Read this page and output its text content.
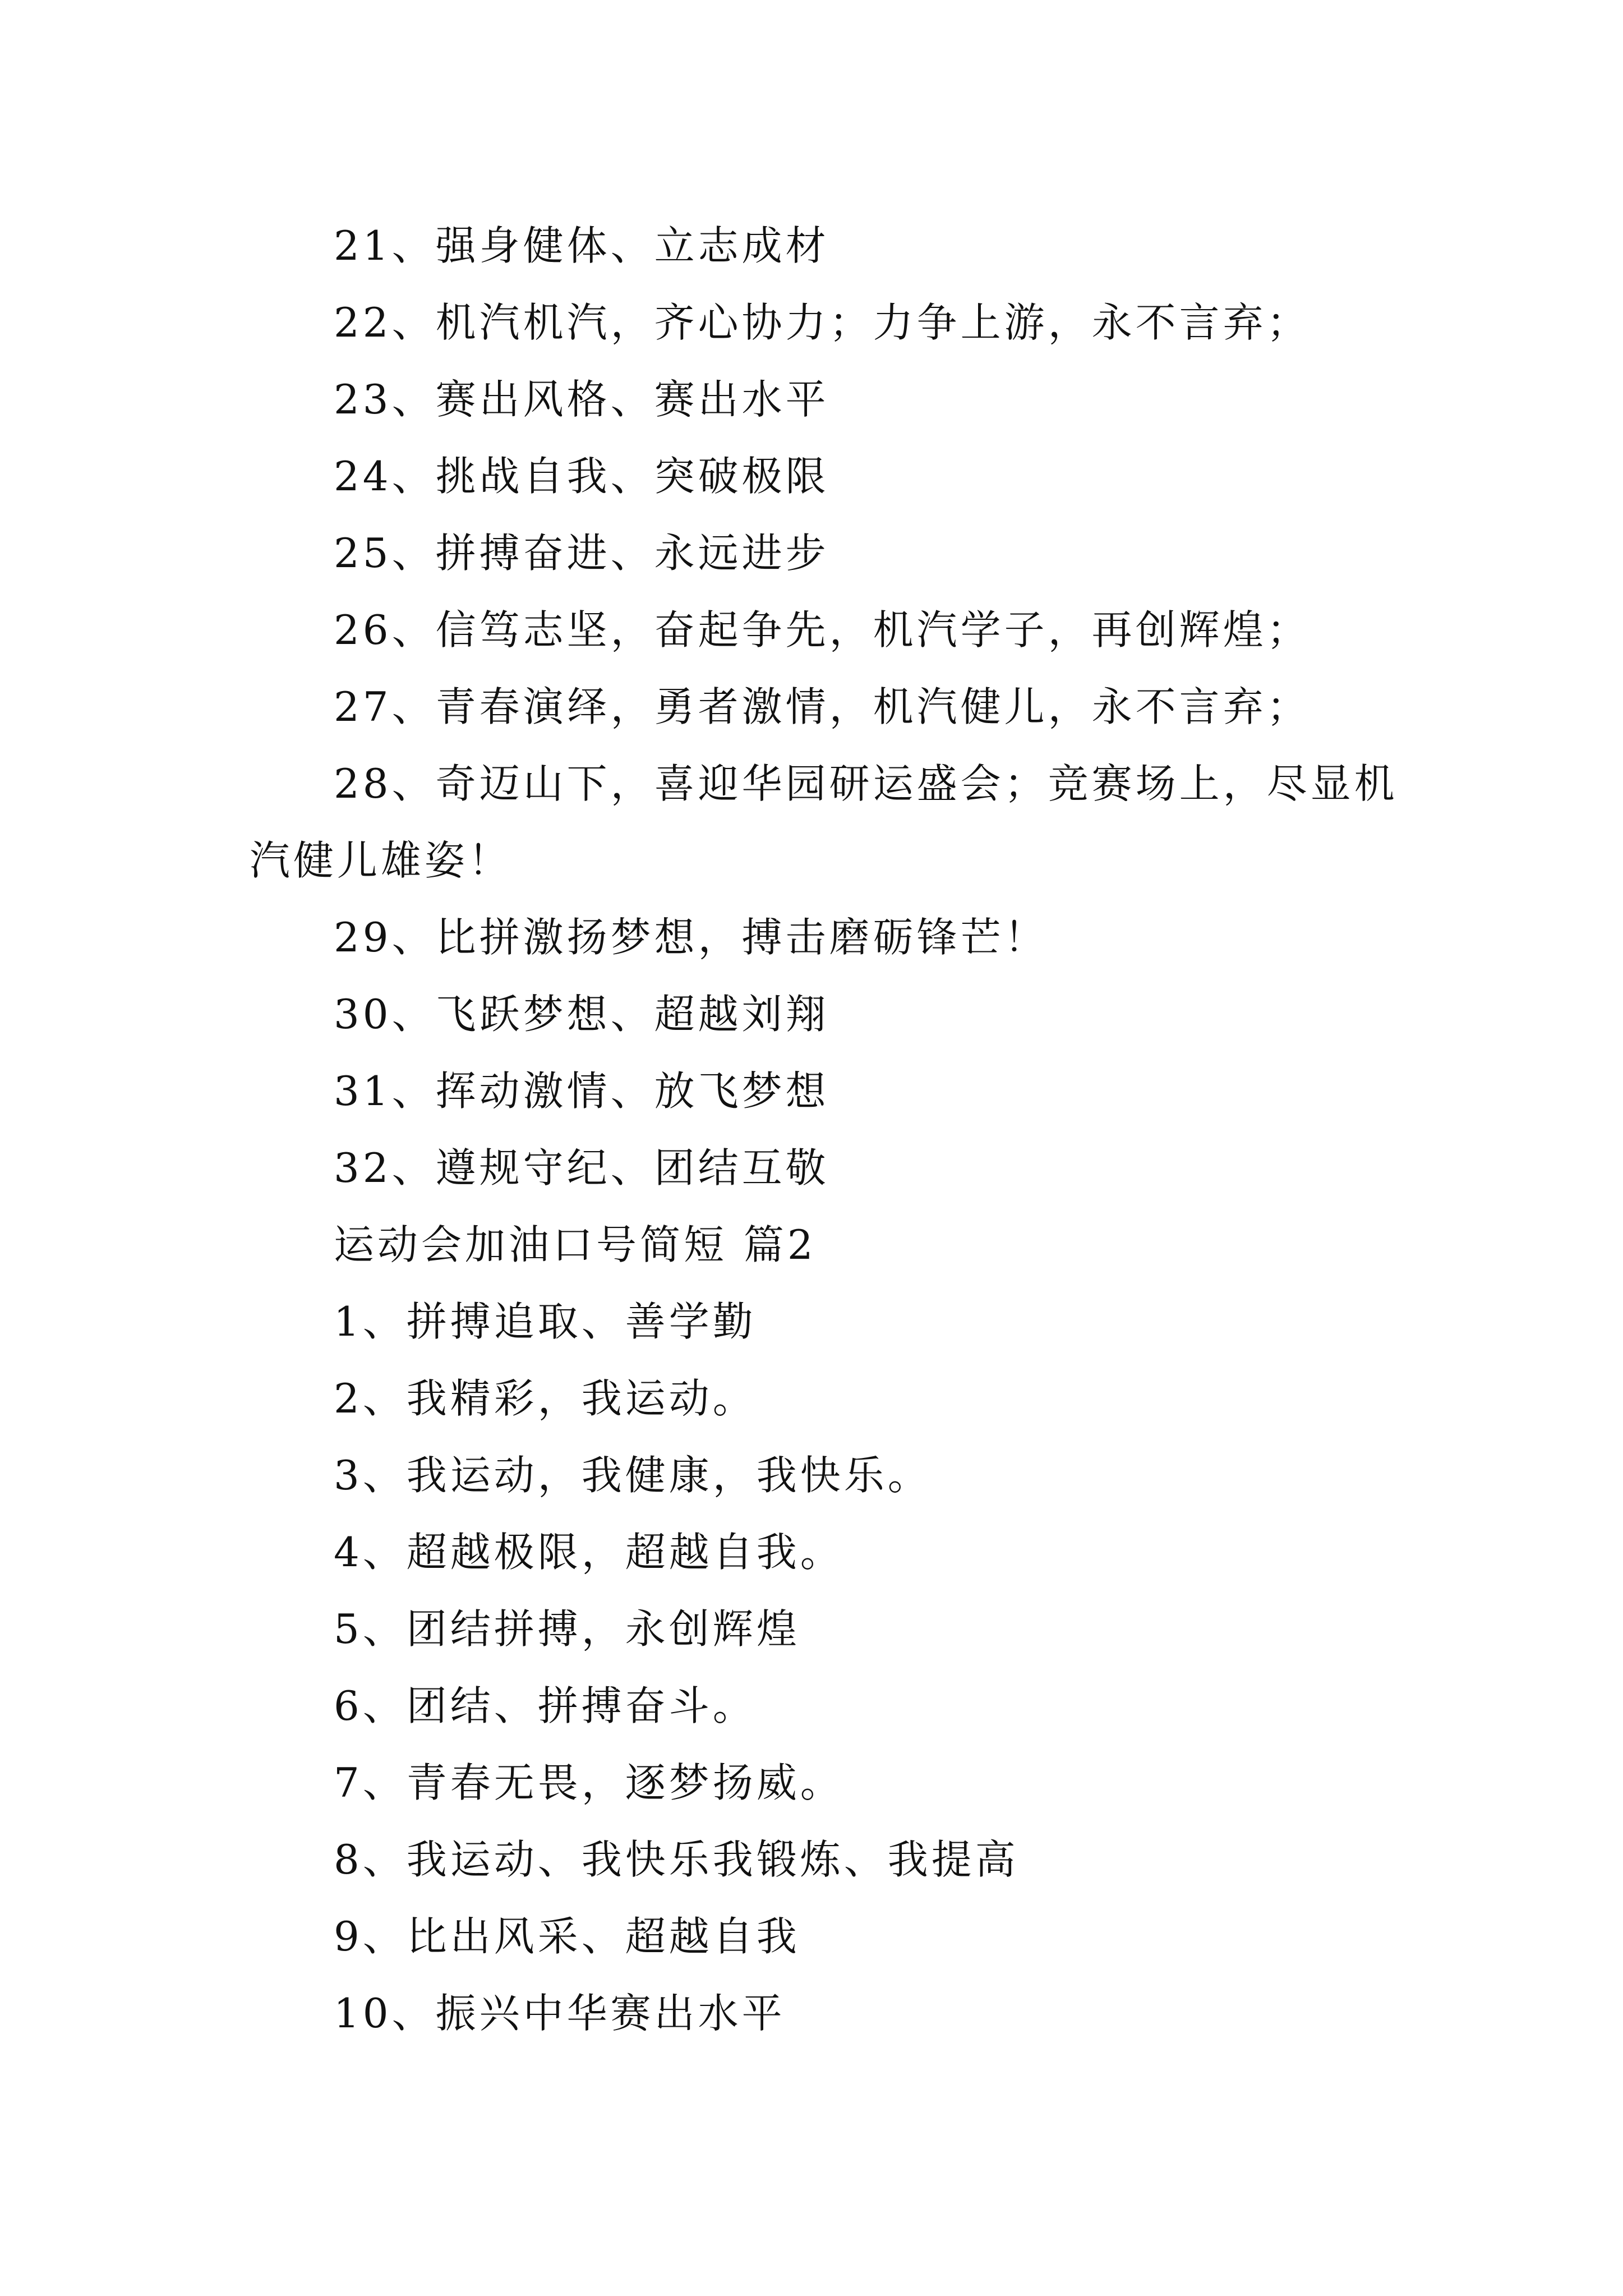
21、强身健体、立志成材
22、机汽机汽，齐心协力；力争上游，永不言弃；
23、赛出风格、赛出水平
24、挑战自我、突破极限
25、拼搏奋进、永远进步
26、信笃志坚，奋起争先，机汽学子，再创辉煌；
27、青春演绎，勇者激情，机汽健儿，永不言弃；
28、奇迈山下，喜迎华园研运盛会；竞赛场上，尽显机
汽健儿雄姿！
29、比拼激扬梦想，搏击磨砺锋芒！
30、飞跃梦想、超越刘翔
31、挥动激情、放飞梦想
32、遵规守纪、团结互敬
运动会加油口号简短 篇2
1、拼搏追取、善学勤
2、我精彩，我运动。
3、我运动，我健康，我快乐。
4、超越极限，超越自我。
5、团结拼搏，永创辉煌
6、团结、拼搏奋斗。
7、青春无畏，逐梦扬威。
8、我运动、我快乐我锻炼、我提高
9、比出风采、超越自我
10、振兴中华赛出水平
